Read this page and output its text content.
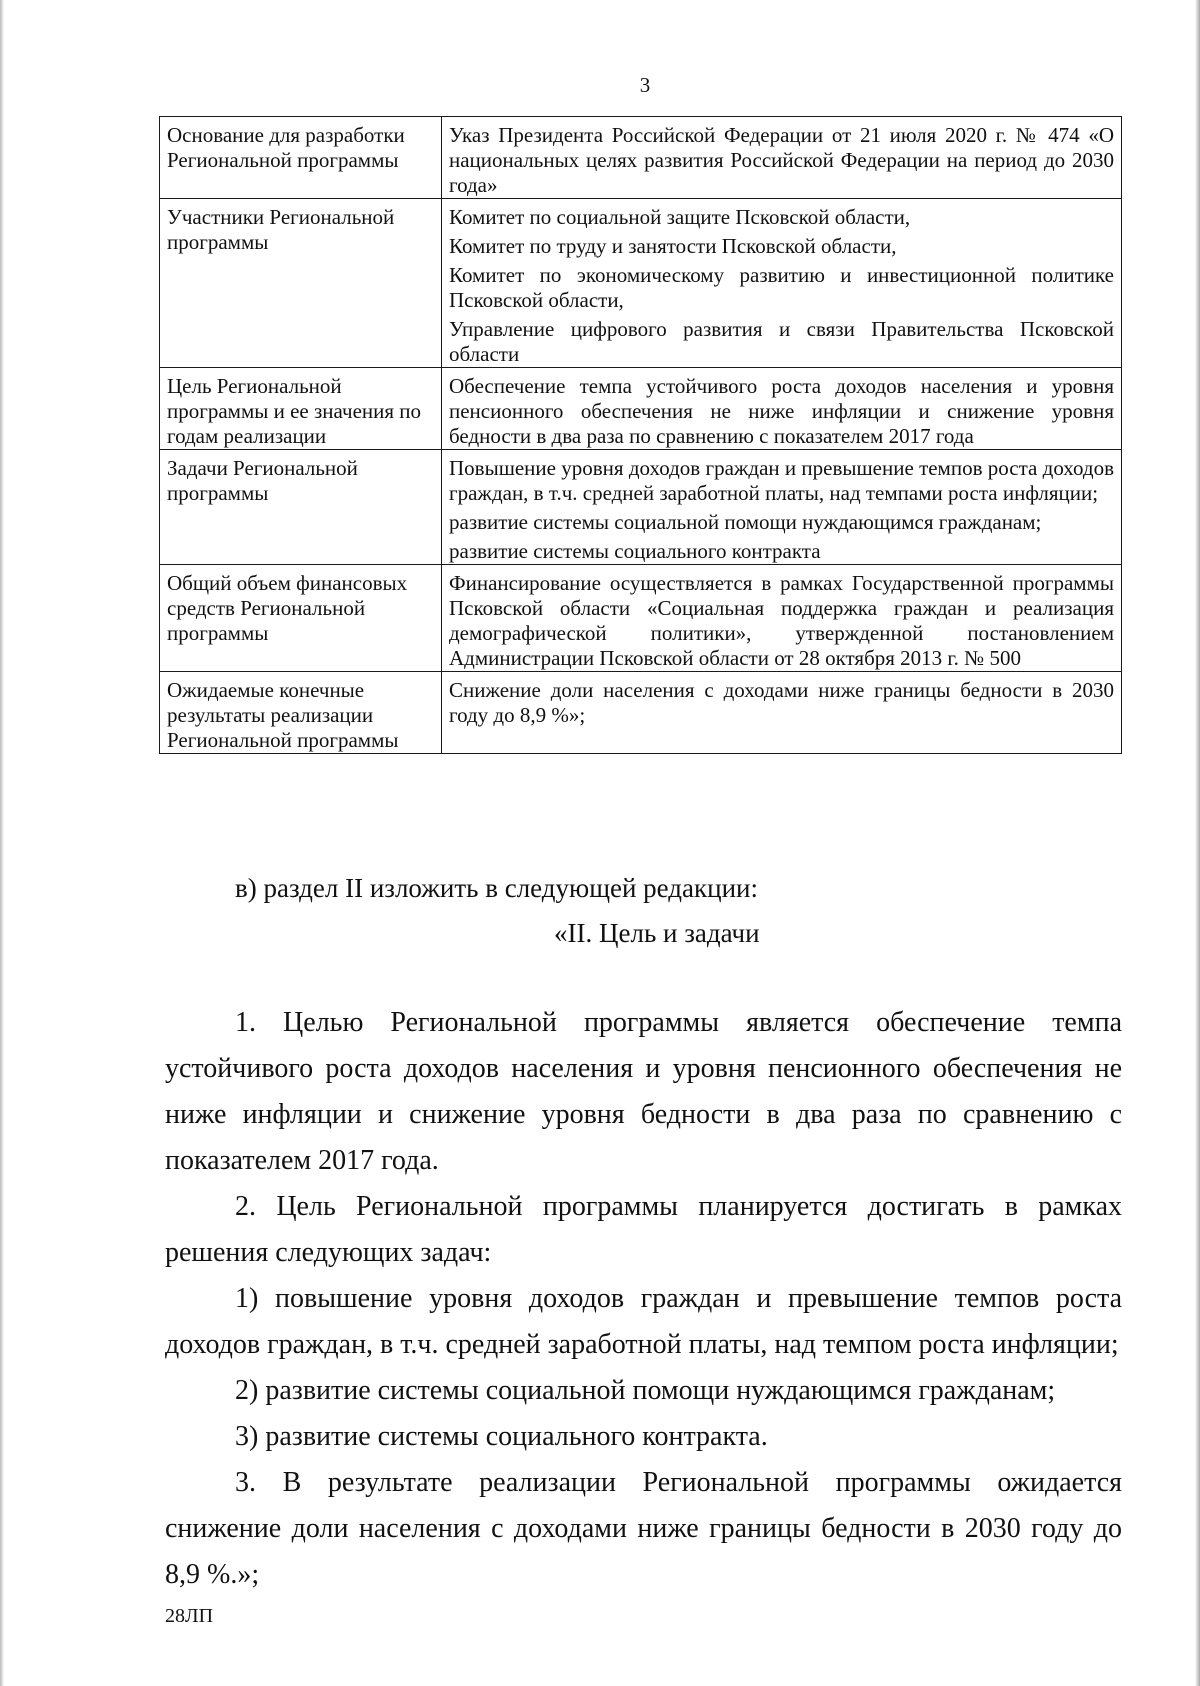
3
Основание для разработки Региональной программы	Указ Президента Российской Федерации от 21 июля 2020 г. № 474 «О национальных целях развития Российской Федерации на период до 2030 года»

Участники Региональной программы	Комитет по социальной защите Псковской области,
Комитет по труду и занятости Псковской области,
Комитет по экономическому развитию и инвестиционной политике Псковской области,
Управление цифрового развития и связи Правительства Псковской области

Цель Региональной программы и ее значения по годам реализации	Обеспечение темпа устойчивого роста доходов населения и уровня пенсионного обеспечения не ниже инфляции и снижение уровня бедности в два раза по сравнению с показателем 2017 года

Задачи Региональной программы	Повышение уровня доходов граждан и превышение темпов роста доходов граждан, в т.ч. средней заработной платы, над темпами роста инфляции;
развитие системы социальной помощи нуждающимся гражданам;
развитие системы социального контракта

Общий объем финансовых средств Региональной программы	Финансирование осуществляется в рамках Государственной программы Псковской области «Социальная поддержка граждан и реализация демографической политики», утвержденной постановлением Администрации Псковской области от 28 октября 2013 г. № 500

Ожидаемые конечные результаты реализации Региональной программы	Снижение доли населения с доходами ниже границы бедности в 2030 году до 8,9 %»;
в) раздел II изложить в следующей редакции:
«II. Цель и задачи

1. Целью Региональной программы является обеспечение темпа устойчивого роста доходов населения и уровня пенсионного обеспечения не ниже инфляции и снижение уровня бедности в два раза по сравнению с показателем 2017 года.

2. Цель Региональной программы планируется достигать в рамках решения следующих задач:

1) повышение уровня доходов граждан и превышение темпов роста доходов граждан, в т.ч. средней заработной платы, над темпом роста инфляции;

2) развитие системы социальной помощи нуждающимся гражданам;

3) развитие системы социального контракта.

3. В результате реализации Региональной программы ожидается снижение доли населения с доходами ниже границы бедности в 2030 году до 8,9 %.»;

28ЛП
